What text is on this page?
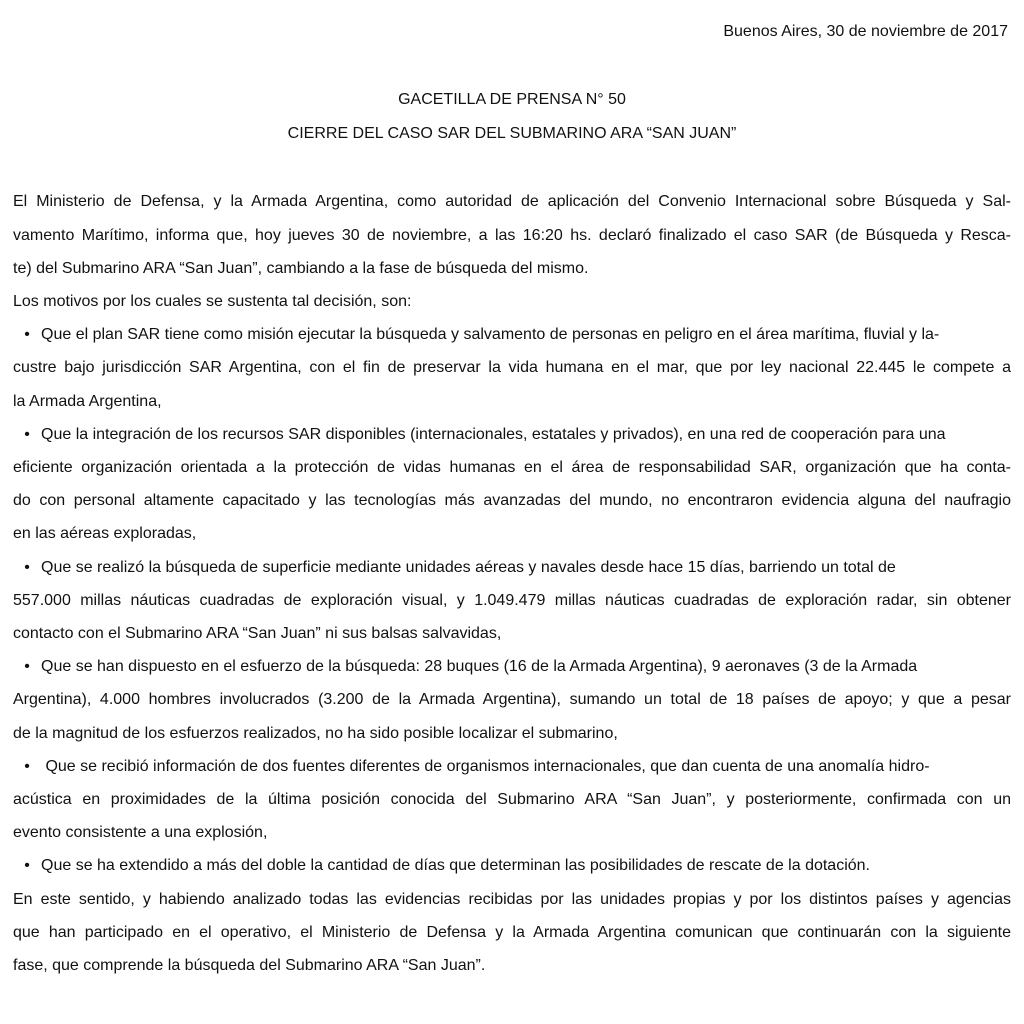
Buenos Aires, 30 de noviembre de 2017
GACETILLA DE PRENSA N° 50
CIERRE DEL CASO SAR DEL SUBMARINO ARA “SAN JUAN”
El Ministerio de Defensa, y la Armada Argentina, como autoridad de aplicación del Convenio Internacional sobre Búsqueda y Sal-
vamento Marítimo, informa que, hoy jueves 30 de noviembre, a las 16:20 hs. declaró finalizado el caso SAR (de Búsqueda y Resca-
te) del Submarino ARA “San Juan”, cambiando a la fase de búsqueda del mismo.
Los motivos por los cuales se sustenta tal decisión, son:
• Que el plan SAR tiene como misión ejecutar la búsqueda y salvamento de personas en peligro en el área marítima, fluvial y la-
custre bajo jurisdicción SAR Argentina, con el fin de preservar la vida humana en el mar, que por ley nacional 22.445 le compete a
la Armada Argentina,
• Que la integración de los recursos SAR disponibles (internacionales, estatales y privados), en una red de cooperación para una
eficiente organización orientada a la protección de vidas humanas en el área de responsabilidad SAR, organización que ha conta-
do con personal altamente capacitado y las tecnologías más avanzadas del mundo, no encontraron evidencia alguna del naufragio
en las aéreas exploradas,
• Que se realizó la búsqueda de superficie mediante unidades aéreas y navales desde hace 15 días, barriendo un total de
557.000 millas náuticas cuadradas de exploración visual, y 1.049.479 millas náuticas cuadradas de exploración radar, sin obtener
contacto con el Submarino ARA “San Juan” ni sus balsas salvavidas,
• Que se han dispuesto en el esfuerzo de la búsqueda: 28 buques (16 de la Armada Argentina), 9 aeronaves (3 de la Armada
Argentina), 4.000 hombres involucrados (3.200 de la Armada Argentina), sumando un total de 18 países de apoyo; y que a pesar
de la magnitud de los esfuerzos realizados, no ha sido posible localizar el submarino,
• Que se recibió información de dos fuentes diferentes de organismos internacionales, que dan cuenta de una anomalía hidro-
acústica en proximidades de la última posición conocida del Submarino ARA “San Juan”, y posteriormente, confirmada con un
evento consistente a una explosión,
• Que se ha extendido a más del doble la cantidad de días que determinan las posibilidades de rescate de la dotación.
En este sentido, y habiendo analizado todas las evidencias recibidas por las unidades propias y por los distintos países y agencias
que han participado en el operativo, el Ministerio de Defensa y la Armada Argentina comunican que continuarán con la siguiente
fase, que comprende la búsqueda del Submarino ARA “San Juan”.
